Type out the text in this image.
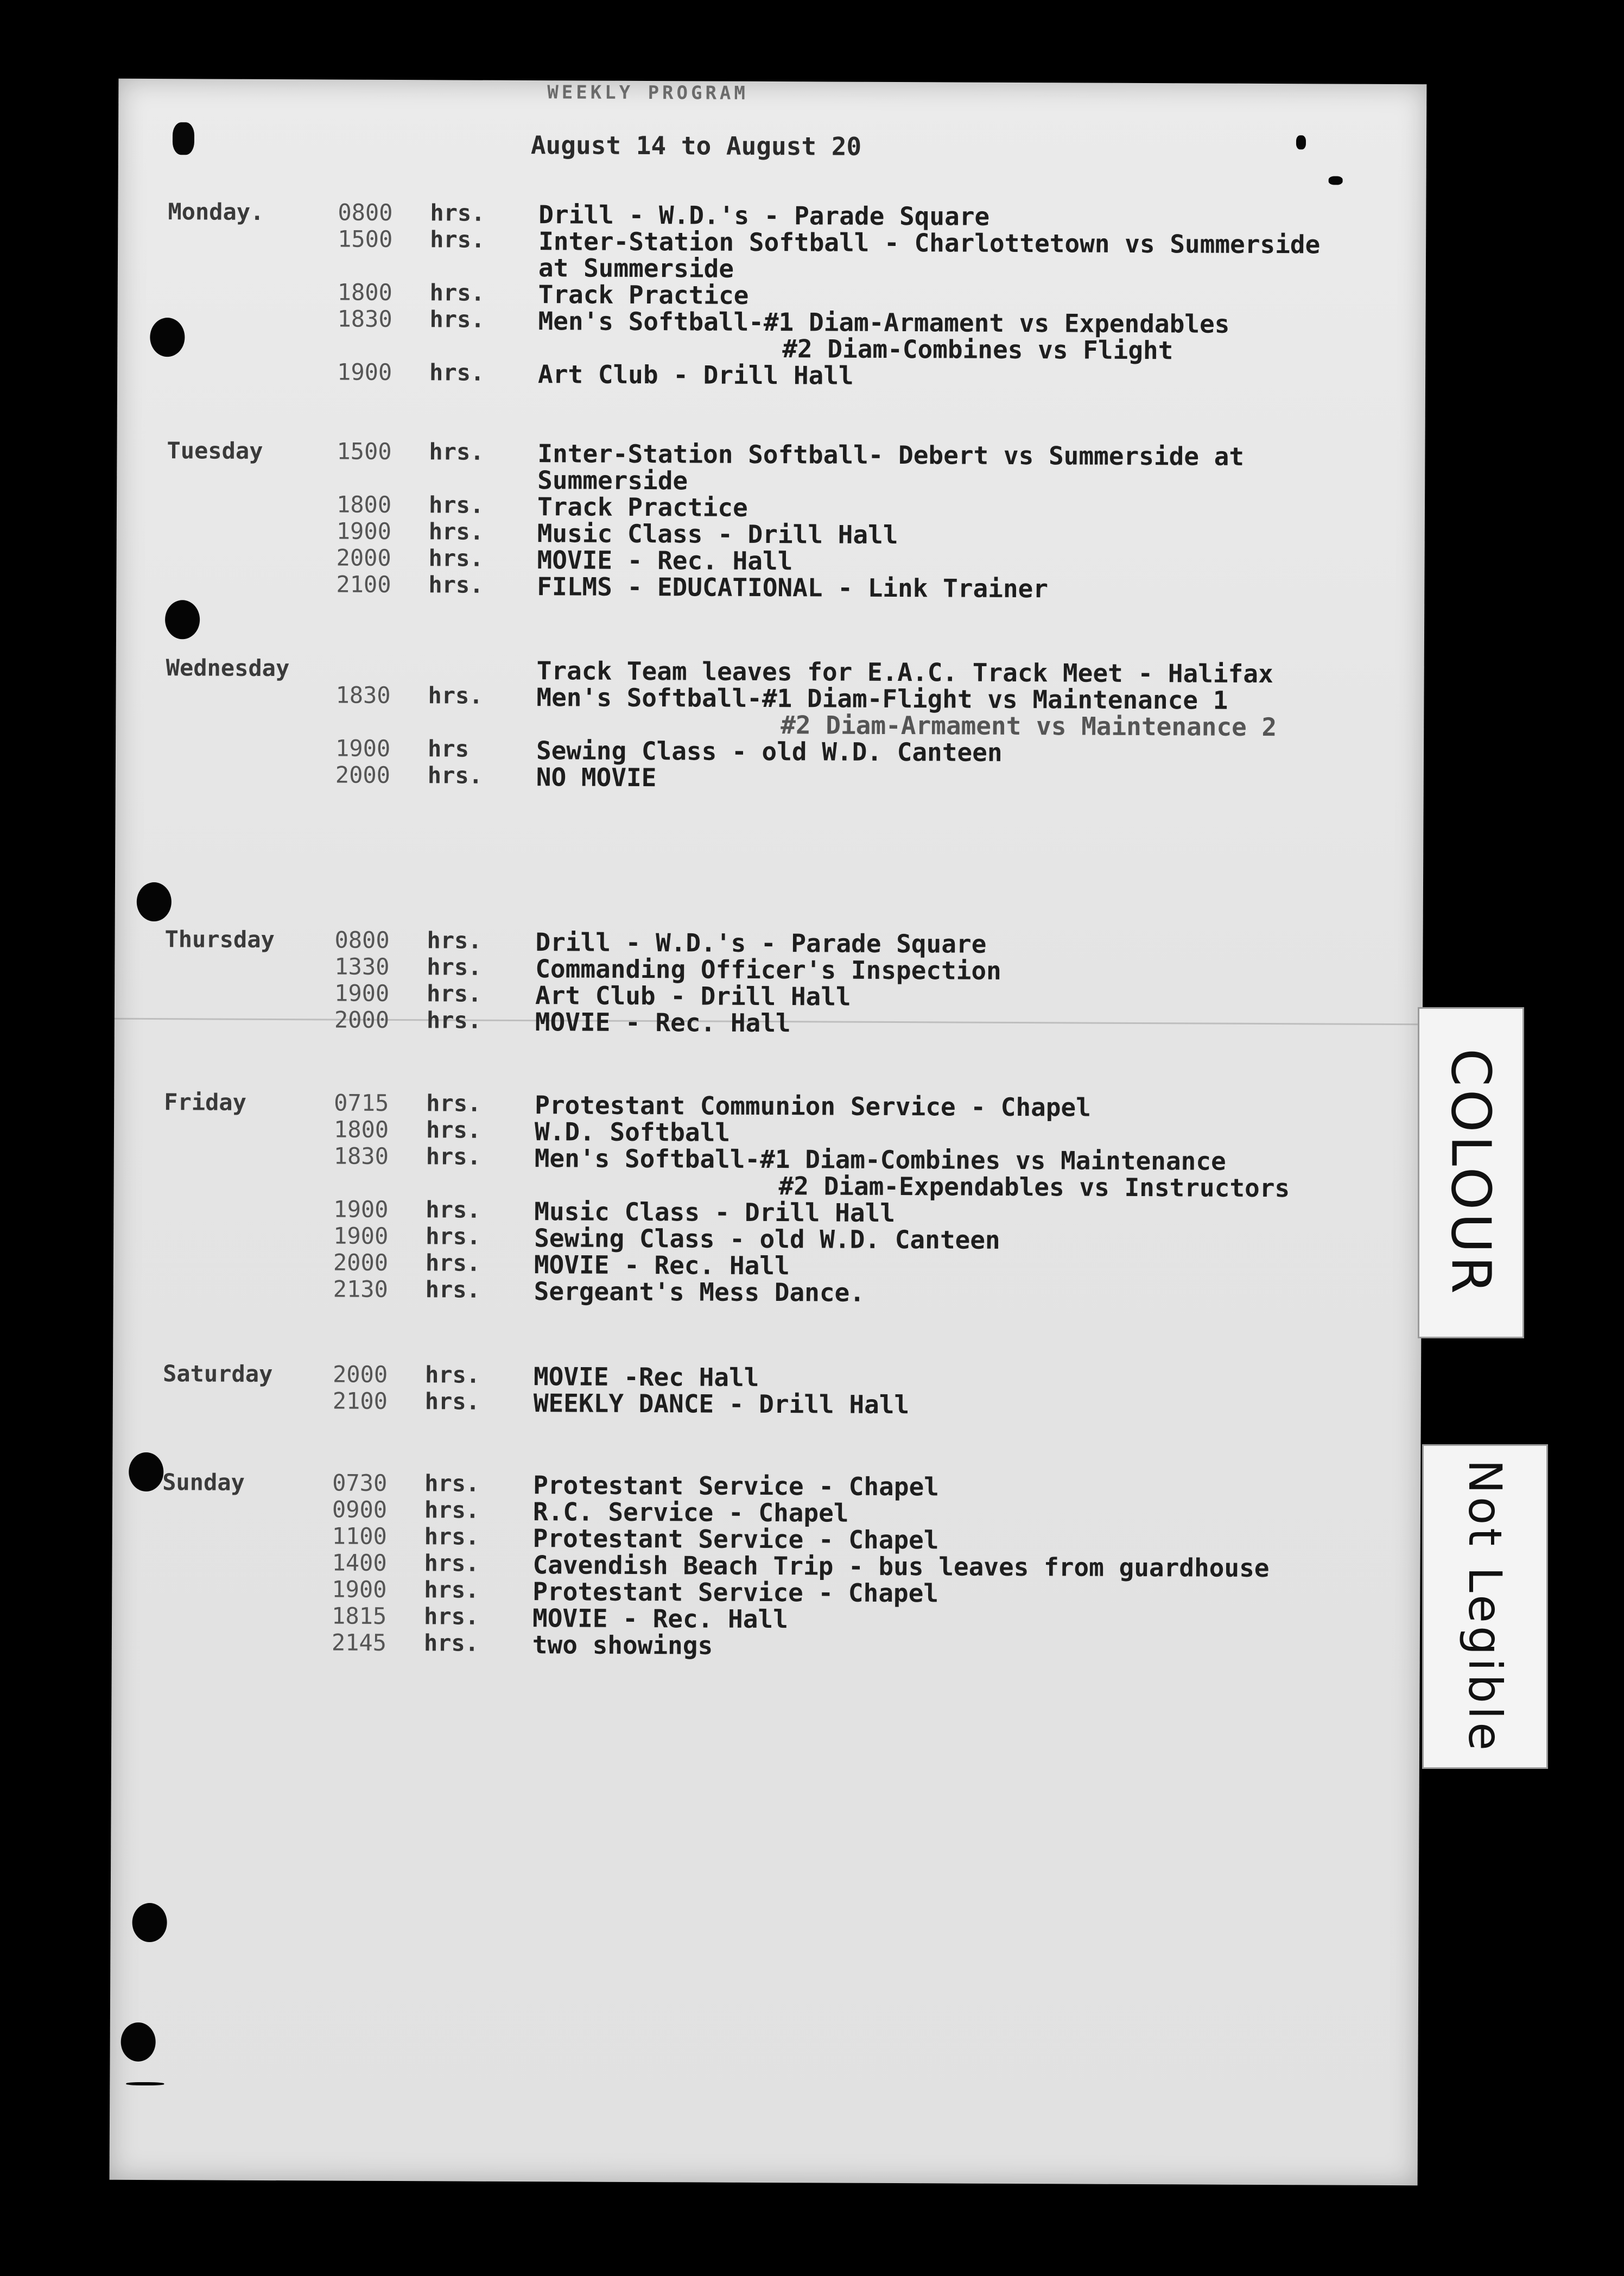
WEEKLY PROGRAM
August 14 to August 20
Monday.	0800	hrs. Drill - W.D.'s - Parade Square
1500	hrs. Inter-Station Softball - Charlottetown vs Summerside
at Summerside
1800	hrs. Track Practice
1830	hrs. Men's Softball-#1 Diam-Armament vs Expendables
#2 Diam-Combines vs Flight
1900	hrs. Art Club - Drill Hall
Tuesday	1500	hrs. Inter-Station Softball- Debert vs Summerside at
Summerside
1800	hrs. Track Practice
1900	hrs. Music Class - Drill Hall
2000	hrs. MOVIE - Rec. Hall
2100	hrs. FILMS - EDUCATIONAL - Link Trainer
Wednesday	Track Team leaves for E.A.C. Track Meet - Halifax
1830	hrs. Men's Softball-#1 Diam-Flight vs Maintenance 1
#2 Diam-Armament vs Maintenance 2
1900	hrs	Sewing Class - old W.D. Canteen
2000	hrs. NO MOVIE
Thursday	0800	hrs. Drill - W.D.'s - Parade Square
1330	hrs. Commanding Officer's Inspection
1900	hrs. Art Club - Drill Hall
2000	hrs. MOVIE - Rec. Hall
Friday	0715	hrs. Protestant Communion Service - Chapel
1800	hrs. W.D. Softball
1830	hrs. Men's Softball-#1 Diam-Combines vs Maintenance
#2 Diam-Expendables vs Instructors
1900	hrs. Music Class - Drill Hall
1900	hrs. Sewing Class - old W.D. Canteen
2000	hrs. MOVIE - Rec. Hall
2130	hrs. Sergeant's Mess Dance.
Saturday	2000	hrs. MOVIE -Rec Hall
2100	hrs. WEEKLY DANCE - Drill Hall
Sunday	0730	hrs. Protestant Service - Chapel
0900	hrs. R.C. Service - Chapel
1100	hrs. Protestant Service - Chapel
1400	hrs. Cavendish Beach Trip - bus leaves from guardhouse
1900	hrs. Protestant Service - Chapel
1815	hrs. MOVIE - Rec. Hall
2145	hrs. two showings
COLOUR
Not Legible
